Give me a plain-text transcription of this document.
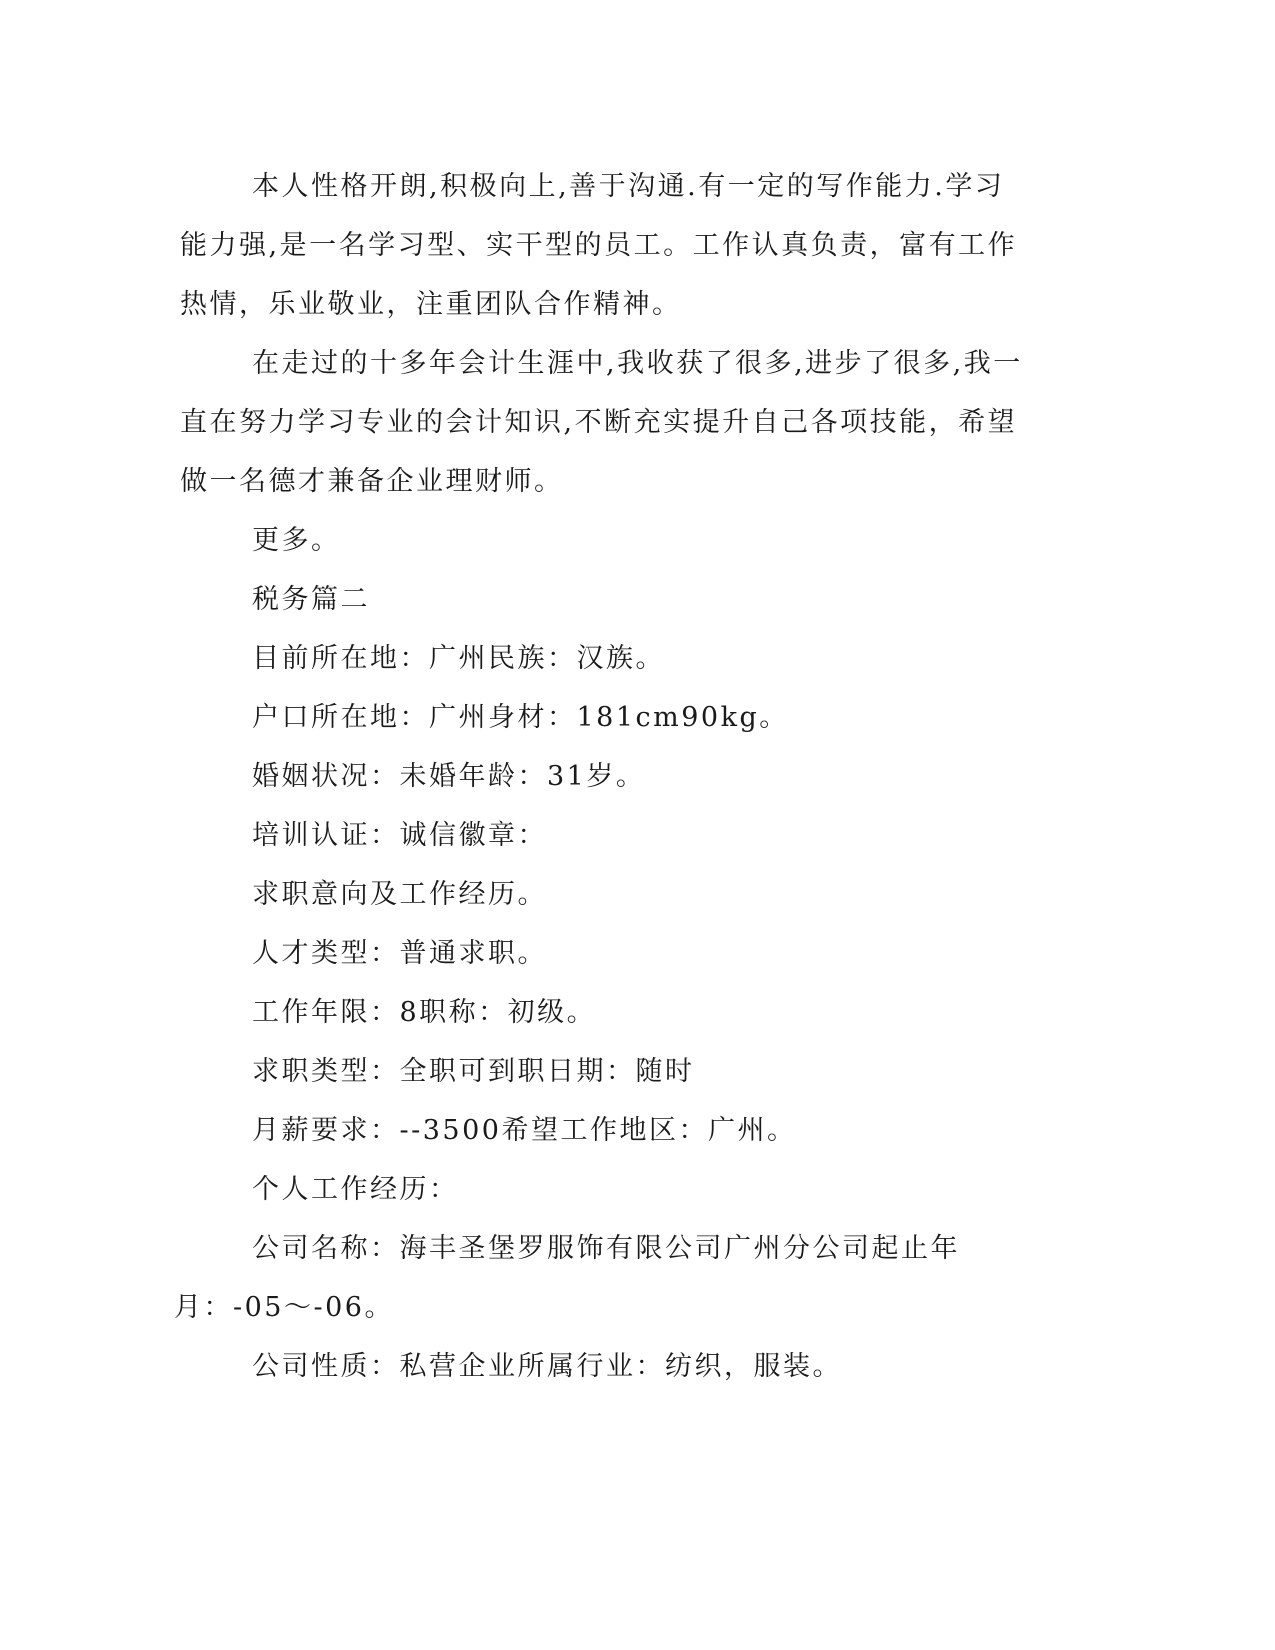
本人性格开朗,积极向上,善于沟通.有一定的写作能力.学习能力强,是一名学习型、实干型的员工。工作认真负责，富有工作热情，乐业敬业，注重团队合作精神。

在走过的十多年会计生涯中,我收获了很多,进步了很多,我一直在努力学习专业的会计知识,不断充实提升自己各项技能，希望做一名德才兼备企业理财师。

更多。

税务篇二

目前所在地：广州民族：汉族。

户口所在地：广州身材：181cm90kg。

婚姻状况：未婚年龄：31岁。

培训认证：诚信徽章：

求职意向及工作经历。

人才类型：普通求职。

工作年限：8职称：初级。

求职类型：全职可到职日期：随时

月薪要求：--3500希望工作地区：广州。

个人工作经历：

公司名称：海丰圣堡罗服饰有限公司广州分公司起止年月：-05～-06。

公司性质：私营企业所属行业：纺织，服装。
